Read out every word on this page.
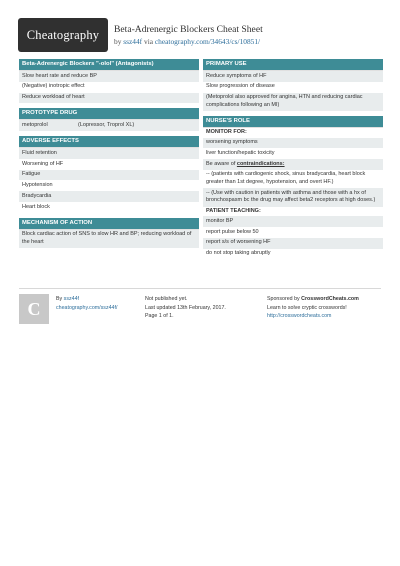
Cheatography	Beta-Adrenergic Blockers Cheat Sheet
by ssz44f via cheatography.com/34643/cs/10851/
Beta-Adrenergic Blockers "-olol" (Antagonists)
Slow heart rate and reduce BP
(Negative) inotropic effect
Reduce workload of heart
PROTOTYPE DRUG
metoprolol	(Lopressor, Troprol XL)
ADVERSE EFFECTS
Fluid retention
Worsening of HF
Fatigue
Hypotension
Bradycardia
Heart block
MECHANISM OF ACTION
Block cardiac action of SNS to slow HR and BP; reducing workload of the heart
PRIMARY USE
Reduce symptoms of HF
Slow progression of disease
(Metoprolol also approved for angina, HTN and reducing cardiac complications following an MI)
NURSE'S ROLE
MONITOR FOR:
worsening symptoms
liver function/hepatic toxicity
Be aware of contraindications:
-- (patients with cardiogenic shock, sinus bradycardia, heart block greater than 1st degree, hypotension, and overt HF.)
-- (Use with caution in patients with asthma and those with a hx of bronchospasm bc the drug may affect beta2 receptors at high doses.)
PATIENT TEACHING:
monitor BP
report pulse below 50
report s/s of worsening HF
do not stop taking abruptly
C	By ssz44f
cheatography.com/ssz44f/
Not published yet.
Last updated 13th February, 2017.
Page 1 of 1.
Sponsored by CrosswordCheats.com
Learn to solve cryptic crosswords!
http://crosswordcheats.com
